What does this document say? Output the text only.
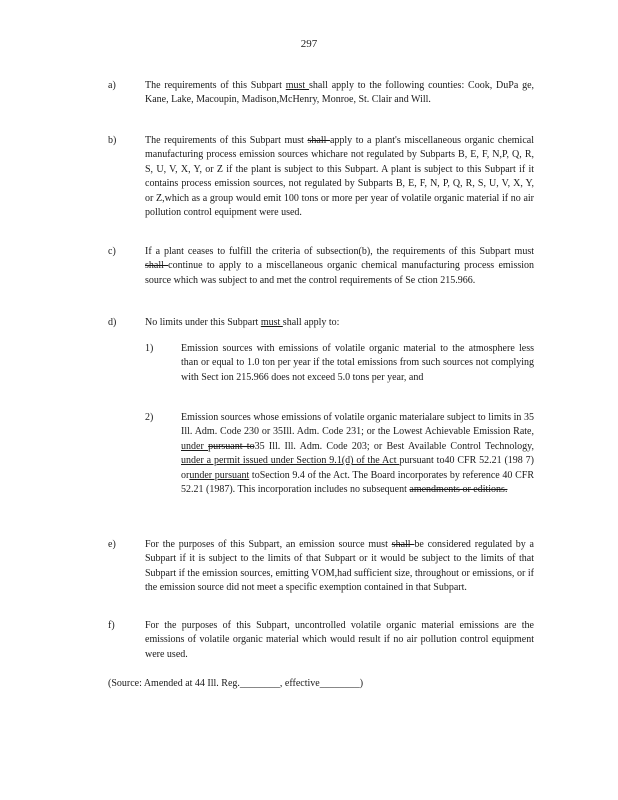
297
a)	The requirements of this Subpart must shall apply to the following counties: Cook, DuPa ge, Kane, Lake, Macoupin, Madison,McHenry, Monroe, St. Clair and Will.
b)	The requirements of this Subpart must shall apply to a plant's miscellaneous organic chemical manufacturing process emission sources whichare not regulated by Subparts B, E, F, N,P, Q, R, S, U, V, X, Y, or Z if the plant is subject to this Subpart. A plant is subject to this Subpart if it contains process emission sources, not regulated by Subparts B, E, F, N, P, Q, R, S, U, V, X, Y, or Z,which as a group would emit 100 tons or more per year of volatile organic material if no air pollution control equipment were used.
c)	If a plant ceases to fulfill the criteria of subsection(b), the requirements of this Subpart must shall continue to apply to a miscellaneous organic chemical manufacturing process emission source which was subject to and met the control requirements of Se ction 215.966.
d)	No limits under this Subpart must shall apply to:
1)	Emission sources with emissions of volatile organic material to the atmosphere less than or equal to 1.0 ton per year if the total emissions from such sources not complying with Sect ion 215.966 does not exceed 5.0 tons per year, and
2)	Emission sources whose emissions of volatile organic materialare subject to limits in 35 Ill. Adm. Code 230 or 35Ill. Adm. Code 231; or the Lowest Achievable Emission Rate, under pursuant to35 Ill. Ill. Adm. Code 203; or Best Available Control Technology, under a permit issued under Section 9.1(d) of the Act pursuant to40 CFR 52.21 (198 7) orunder pursuant toSection 9.4 of the Act. The Board incorporates by reference 40 CFR 52.21 (1987). This incorporation includes no subsequent amendments or editions.
e)	For the purposes of this Subpart, an emission source must shall be considered regulated by a Subpart if it is subject to the limits of that Subpart or it would be subject to the limits of that Subpart if the emission sources, emitting VOM,had sufficient size, throughout or emissions, or if the emission source did not meet a specific exemption contained in that Subpart.
f)	For the purposes of this Subpart, uncontrolled volatile organic material emissions are the emissions of volatile organic material which would result if no air pollution control equipment were used.
(Source: Amended at 44 Ill. Reg.________, effective________)
